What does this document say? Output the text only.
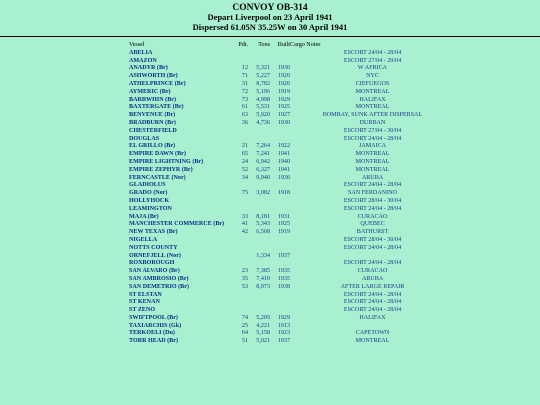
CONVOY OB-314
Depart Liverpool on 23 April 1941
Dispersed 61.05N 35.25W on 30 April 1941
Vessel	Pdt.	Tons	Built	Cargo Notes
ABELIA				ESCORT 24/04 - 28/04
AMAZON				ESCORT 27/04 - 29/04
ANADYR (Br)	12	5,321	1930	W AFRICA
ASHWORTH (Br)	71	5,227	1920	NYC
ATHELPRINCE (Br)	31	8,782	1926	CIEFUEGOS
AYMERIC (Br)	72	5,196	1919	MONTREAL
BARRWHIN (Br)	73	4,998	1929	HALIFAX
BAXTERGATE (Br)	61	5,531	1925	MONTREAL
BENVENUE (Br)	63	5,920	1927	BOMBAY, SUNK AFTER DISPERSAL
BRADBURN (Br)	36	4,736	1930	DURBAN
CHESTERFIELD				ESCORT 27/04 - 30/04
DOUGLAS				ESCORT 24/04 - 28/04
EL GRILLO (Br)	21	7,264	1922	JAMAICA
EMPIRE DAWN (Br)	65	7,241	1941	MONTREAL
EMPIRE LIGHTNING (Br)	24	6,942	1940	MONTREAL
EMPIRE ZEPHYR (Br)	52	6,327	1941	MONTREAL
FERNCASTLE (Nor)	34	9,940	1936	ARUBA
GLADIOLUS				ESCORT 24/04 - 28/04
GRADO (Nor)	75	3,082	1918	SAN FERDANINO
HOLLYHOCK				ESCORT 28/04 - 30/04
LEAMINGTON				ESCORT 24/04 - 28/04
MAJA (Br)	33	8,181	1931	CURACAO
MANCHESTER COMMERCE (Br)	41	5,343	1925	QUEBEC
NEW TEXAS (Br)	42	6,568	1919	BATHURST
NIGELLA				ESCORT 28/04 - 30/04
NOTTS COUNTY				ESCORT 24/04 - 28/04
ORNEFJELL (Nor)		1,334	1937	
ROXBOROUGH				ESCORT 24/04 - 28/04
SAN ALVARO (Br)	23	7,385	1935	CURACAO
SAN AMBROSIO (Br)	35	7,410	1935	ARUBA
SAN DEMETRIO (Br)	53	8,073	1938	AFTER LARGE REPAIR
ST ELSTAN				ESCORT 24/04 - 28/04
ST KENAN				ESCORT 24/04 - 28/04
ST ZENO				ESCORT 24/04 - 28/04
SWIFTPOOL (Br)	74	5,205	1929	HALIFAX
TAXIARCHIS (Gk)	25	4,221	1913	
TERKOELI (Du)	64	5,158	1923	CAPETOWN
TORR HEAD (Br)	51	5,021	1937	MONTREAL
